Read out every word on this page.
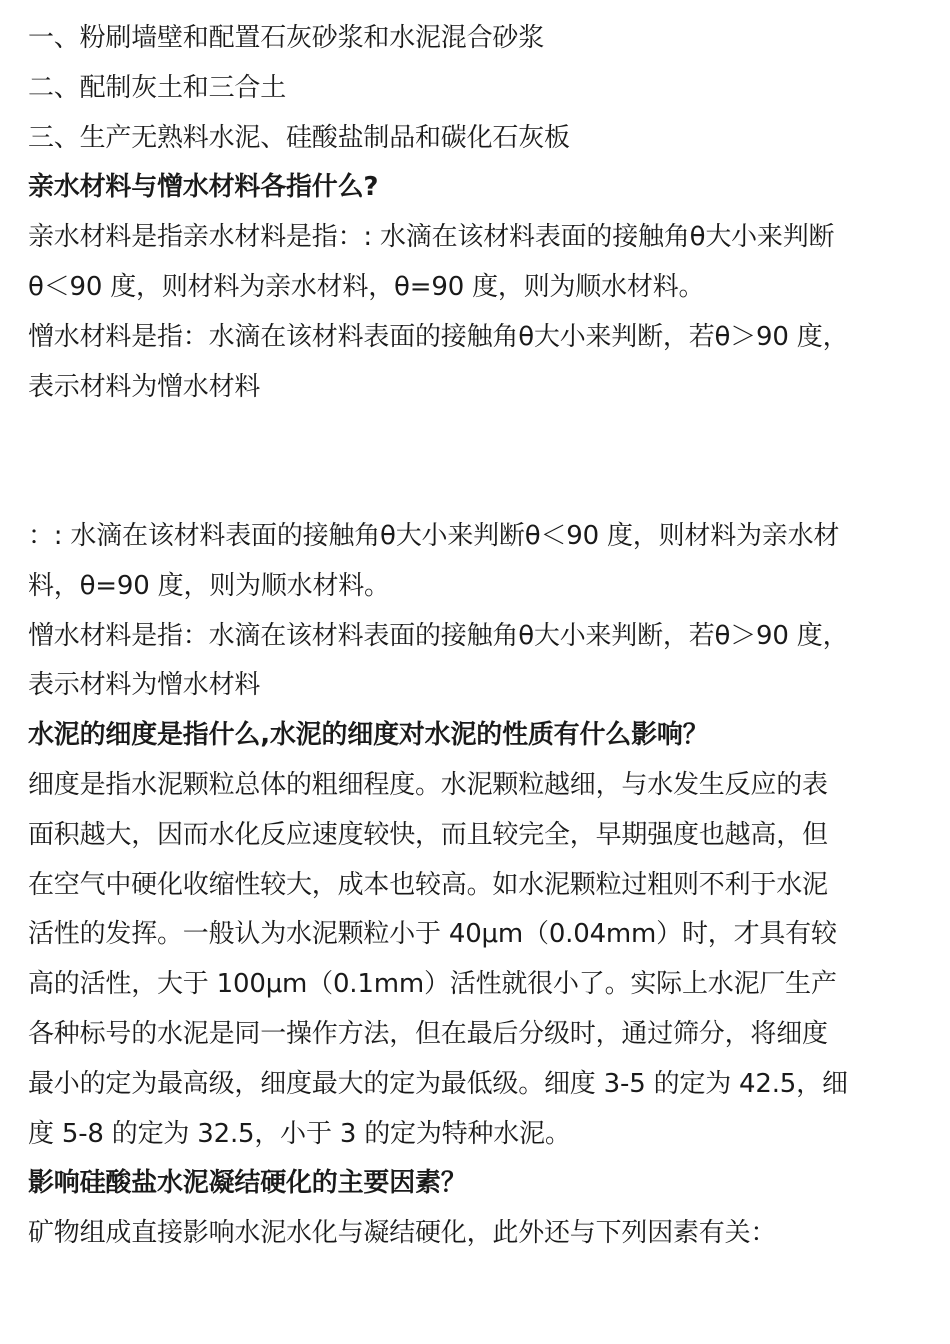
一、粉刷墙壁和配置石灰砂浆和水泥混合砂浆
二、配制灰土和三合土
三、生产无熟料水泥、硅酸盐制品和碳化石灰板
亲水材料与憎水材料各指什么?
亲水材料是指亲水材料是指：: 水滴在该材料表面的接触角θ大小来判断
θ＜90 度，则材料为亲水材料，θ=90 度，则为顺水材料。
憎水材料是指：水滴在该材料表面的接触角θ大小来判断，若θ＞90 度，
表示材料为憎水材料
：: 水滴在该材料表面的接触角θ大小来判断θ＜90 度，则材料为亲水材
料，θ=90 度，则为顺水材料。
憎水材料是指：水滴在该材料表面的接触角θ大小来判断，若θ＞90 度，
表示材料为憎水材料
水泥的细度是指什么,水泥的细度对水泥的性质有什么影响？
细度是指水泥颗粒总体的粗细程度。水泥颗粒越细，与水发生反应的表
面积越大，因而水化反应速度较快，而且较完全，早期强度也越高，但
在空气中硬化收缩性较大，成本也较高。如水泥颗粒过粗则不利于水泥
活性的发挥。一般认为水泥颗粒小于 40μm（0.04mm）时，才具有较
高的活性，大于 100μm（0.1mm）活性就很小了。实际上水泥厂生产
各种标号的水泥是同一操作方法，但在最后分级时，通过筛分，将细度
最小的定为最高级，细度最大的定为最低级。细度 3-5 的定为 42.5，细
度 5-8 的定为 32.5，小于 3 的定为特种水泥。
影响硅酸盐水泥凝结硬化的主要因素？
矿物组成直接影响水泥水化与凝结硬化，此外还与下列因素有关：
